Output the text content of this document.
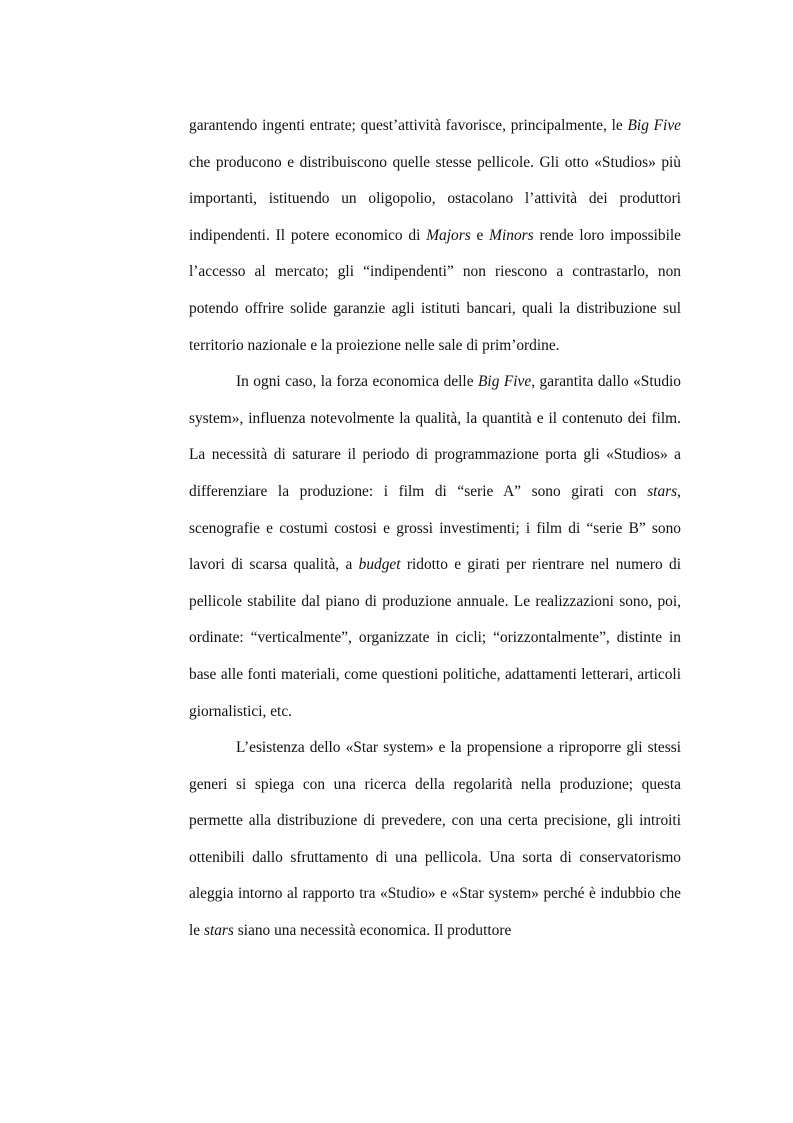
garantendo ingenti entrate; quest’attività favorisce, principalmente, le Big Five che producono e distribuiscono quelle stesse pellicole. Gli otto «Studios» più importanti, istituendo un oligopolio, ostacolano l’attività dei produttori indipendenti. Il potere economico di Majors e Minors rende loro impossibile l’accesso al mercato; gli “indipendenti” non riescono a contrastarlo, non potendo offrire solide garanzie agli istituti bancari, quali la distribuzione sul territorio nazionale e la proiezione nelle sale di prim’ordine.

In ogni caso, la forza economica delle Big Five, garantita dallo «Studio system», influenza notevolmente la qualità, la quantità e il contenuto dei film. La necessità di saturare il periodo di programmazione porta gli «Studios» a differenziare la produzione: i film di “serie A” sono girati con stars, scenografie e costumi costosi e grossi investimenti; i film di “serie B” sono lavori di scarsa qualità, a budget ridotto e girati per rientrare nel numero di pellicole stabilite dal piano di produzione annuale. Le realizzazioni sono, poi, ordinate: “verticalmente”, organizzate in cicli; “orizzontalmente”, distinte in base alle fonti materiali, come questioni politiche, adattamenti letterari, articoli giornalistici, etc.

L’esistenza dello «Star system» e la propensione a riproporre gli stessi generi si spiega con una ricerca della regolarità nella produzione; questa permette alla distribuzione di prevedere, con una certa precisione, gli introiti ottenibili dallo sfruttamento di una pellicola. Una sorta di conservatorismo aleggia intorno al rapporto tra «Studio» e «Star system» perché è indubbio che le stars siano una necessità economica. Il produttore
